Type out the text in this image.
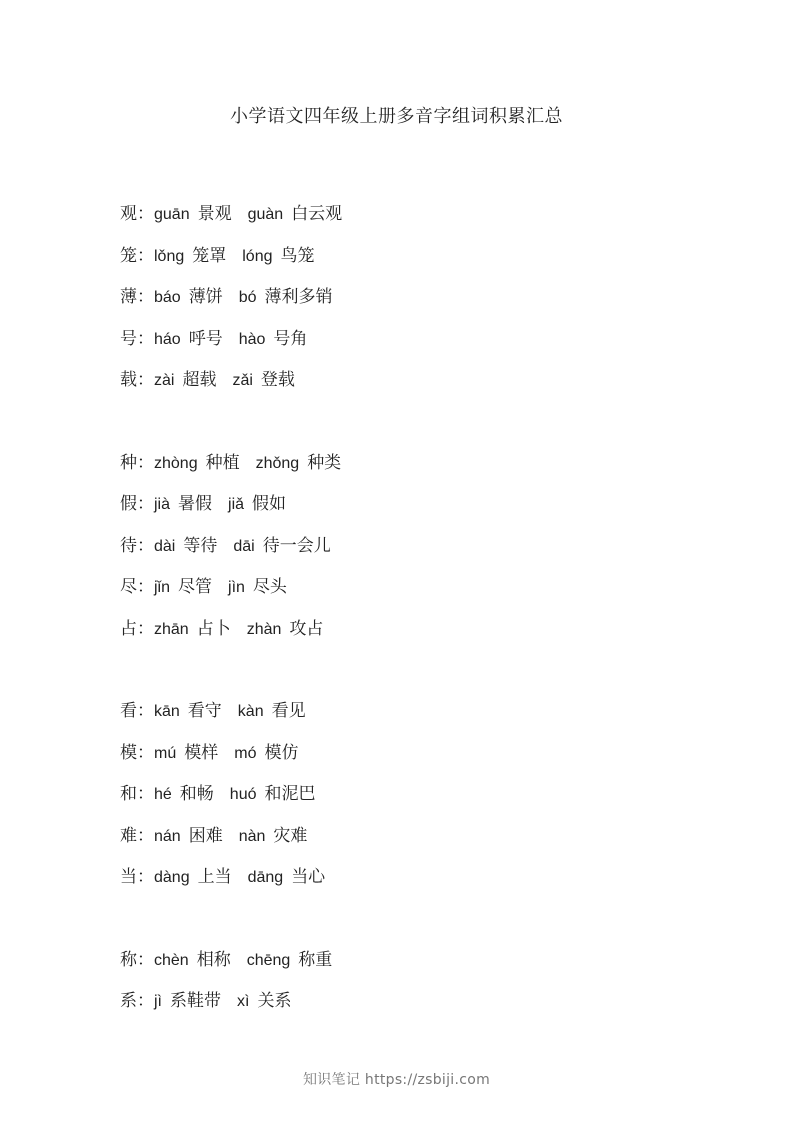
小学语文四年级上册多音字组词积累汇总
观：guān 景观 guàn 白云观
笼：lǒng 笼罩 lóng 鸟笼
薄：báo 薄饼 bó 薄利多销
号：háo 呼号 hào 号角
载：zài 超载 zǎi 登载
种：zhòng 种植 zhǒng 种类
假：jià 暑假 jiǎ 假如
待：dài 等待 dāi 待一会儿
尽：jǐn 尽管 jìn 尽头
占：zhān 占卜 zhàn 攻占
看：kān 看守 kàn 看见
模：mú 模样 mó 模仿
和：hé 和畅 huó 和泥巴
难：nán 困难 nàn 灾难
当：dàng 上当 dāng 当心
称：chèn 相称 chēng 称重
系：jì 系鞋带 xì 关系
知识笔记 https://zsbiji.com
